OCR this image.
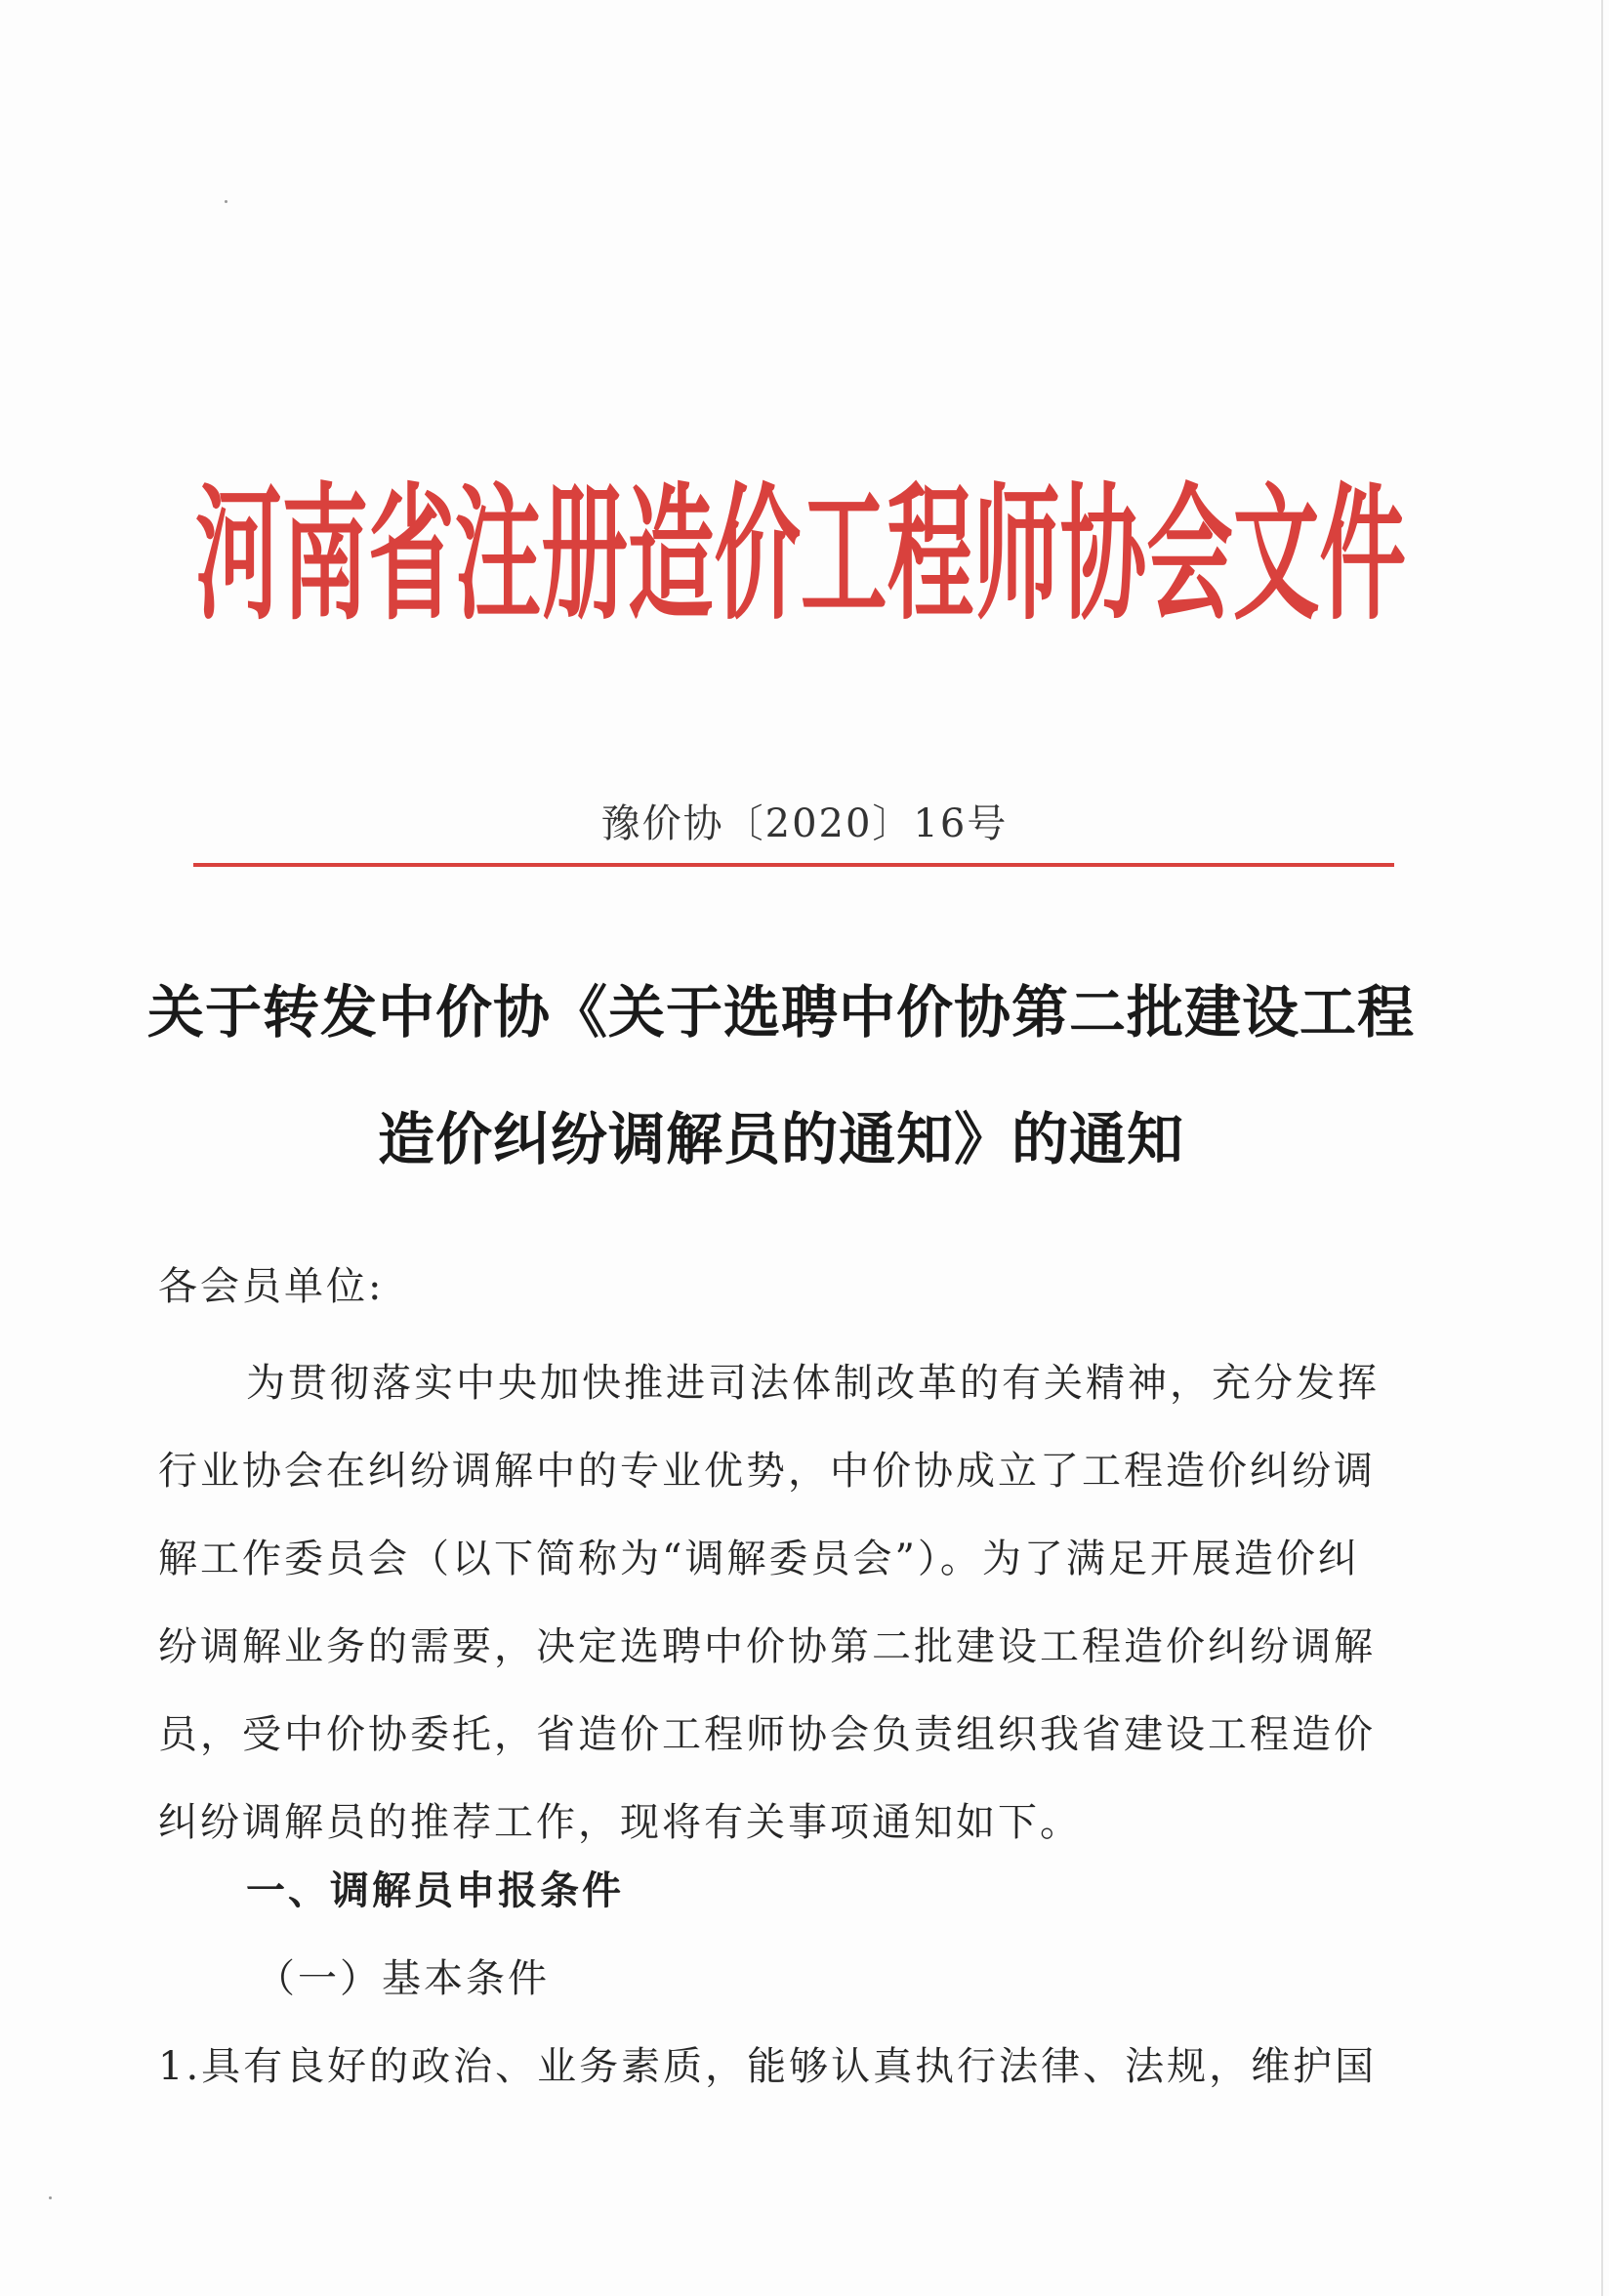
河南省注册造价工程师协会文件
豫价协〔2020〕16号
关于转发中价协《关于选聘中价协第二批建设工程
造价纠纷调解员的通知》的通知
各会员单位:
为贯彻落实中央加快推进司法体制改革的有关精神，充分发挥
行业协会在纠纷调解中的专业优势，中价协成立了工程造价纠纷调
解工作委员会（以下简称为“调解委员会”）。为了满足开展造价纠
纷调解业务的需要，决定选聘中价协第二批建设工程造价纠纷调解
员，受中价协委托，省造价工程师协会负责组织我省建设工程造价
纠纷调解员的推荐工作，现将有关事项通知如下。
一、调解员申报条件
（一）基本条件
1.具有良好的政治、业务素质，能够认真执行法律、法规，维护国
